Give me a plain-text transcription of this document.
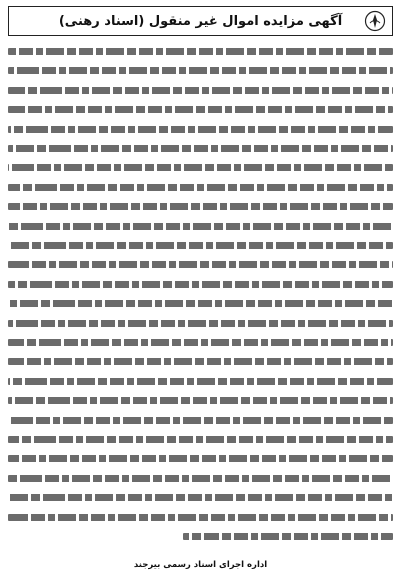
آگهی مزایده اموال غیر منقول (اسناد رهنی)
اداره اجرای اسناد رسمی بیرجند
